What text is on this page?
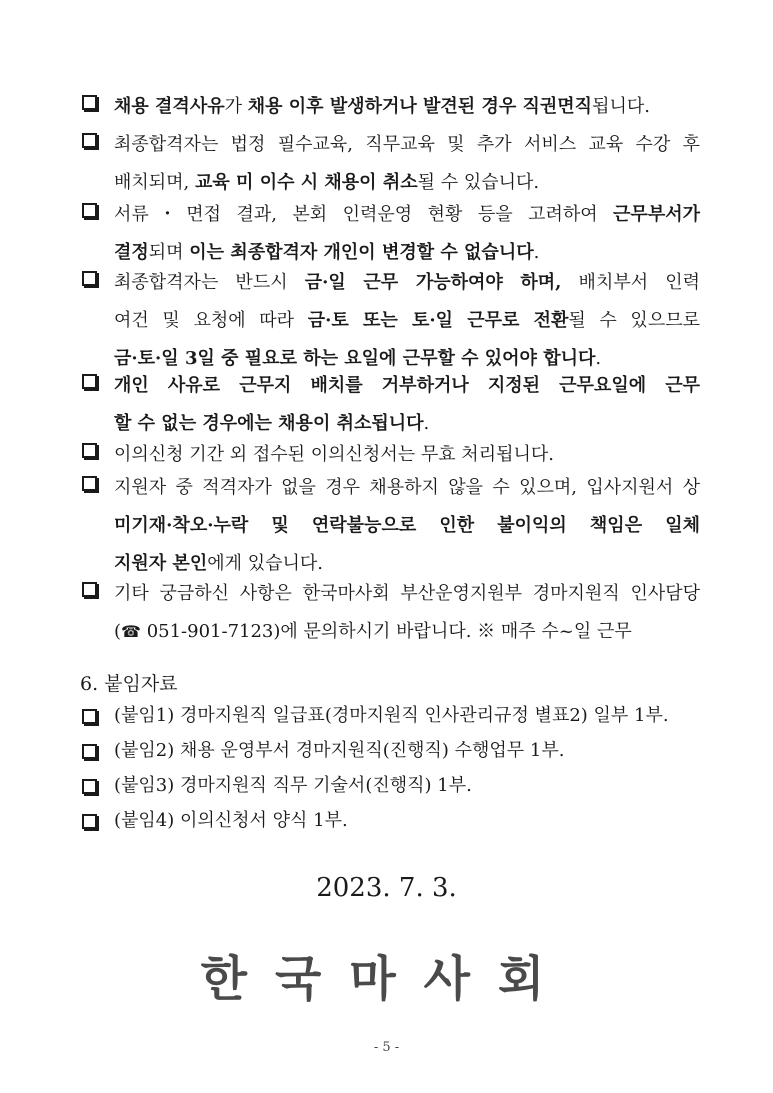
채용 결격사유가 채용 이후 발생하거나 발견된 경우 직권면직됩니다.
최종합격자는 법정 필수교육, 직무교육 및 추가 서비스 교육 수강 후
배치되며, 교육 미 이수 시 채용이 취소될 수 있습니다.
서류・면접 결과, 본회 인력운영 현황 등을 고려하여 근무부서가
결정되며 이는 최종합격자 개인이 변경할 수 없습니다.
최종합격자는 반드시 금·일 근무 가능하여야 하며, 배치부서 인력
여건 및 요청에 따라 금·토 또는 토·일 근무로 전환될 수 있으므로
금·토·일 3일 중 필요로 하는 요일에 근무할 수 있어야 합니다.
개인 사유로 근무지 배치를 거부하거나 지정된 근무요일에 근무
할 수 없는 경우에는 채용이 취소됩니다.
이의신청 기간 외 접수된 이의신청서는 무효 처리됩니다.
지원자 중 적격자가 없을 경우 채용하지 않을 수 있으며, 입사지원서 상
미기재·착오·누락 및 연락불능으로 인한 불이익의 책임은 일체
지원자 본인에게 있습니다.
기타 궁금하신 사항은 한국마사회 부산운영지원부 경마지원직 인사담당
(☎ 051-901-7123)에 문의하시기 바랍니다. ※ 매주 수~일 근무
6. 붙임자료
(붙임1) 경마지원직 일급표(경마지원직 인사관리규정 별표2) 일부 1부.
(붙임2) 채용 운영부서 경마지원직(진행직) 수행업무 1부.
(붙임3) 경마지원직 직무 기술서(진행직) 1부.
(붙임4) 이의신청서 양식 1부.
2023. 7. 3.
한국마사회
- 5 -
